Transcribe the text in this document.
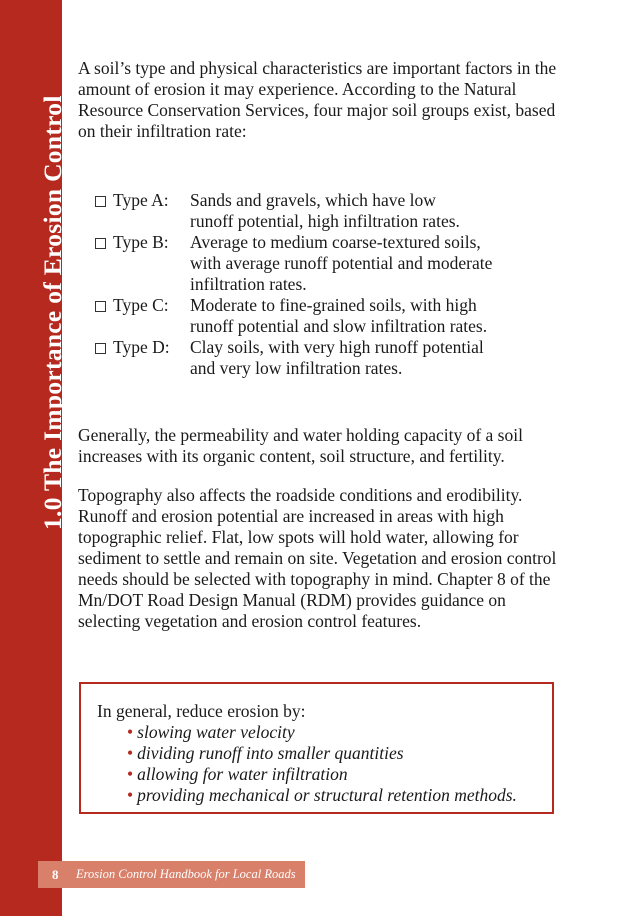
1.0 The Importance of Erosion Control

A soil’s type and physical characteristics are important factors in the amount of erosion it may experience. According to the Natural Resource Conservation Services, four major soil groups exist, based on their infiltration rate:

Type A: Sands and gravels, which have low
runoff potential, high infiltration rates.
Type B: Average to medium coarse-textured soils,
with average runoff potential and moderate
infiltration rates.
Type C: Moderate to fine-grained soils, with high
runoff potential and slow infiltration rates.
Type D: Clay soils, with very high runoff potential
and very low infiltration rates.

Generally, the permeability and water holding capacity of a soil increases with its organic content, soil structure, and fertility.

Topography also affects the roadside conditions and erodibility. Runoff and erosion potential are increased in areas with high topographic relief. Flat, low spots will hold water, allowing for sediment to settle and remain on site. Vegetation and erosion control needs should be selected with topography in mind. Chapter 8 of the Mn/DOT Road Design Manual (RDM) provides guidance on selecting vegetation and erosion control features.

In general, reduce erosion by:

• slowing water velocity
• dividing runoff into smaller quantities
• allowing for water infiltration
• providing mechanical or structural retention methods.
8 Erosion Control Handbook for Local Roads
